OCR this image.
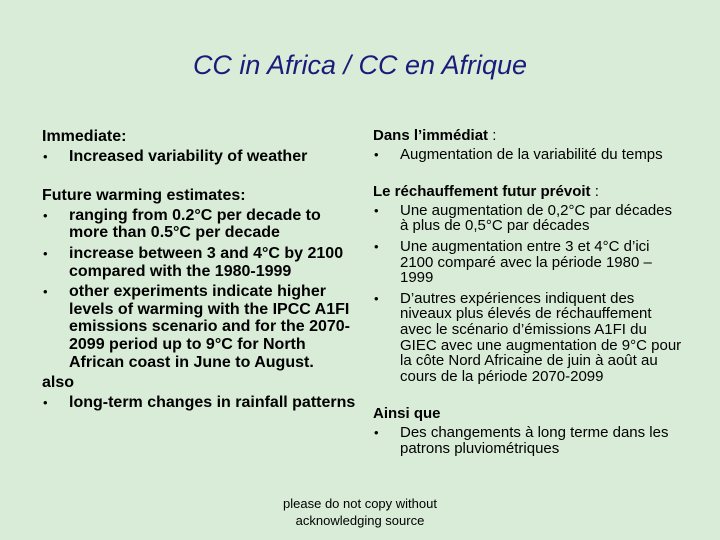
CC in Africa / CC en Afrique

Immediate:

• Increased variability of weather

Future warming estimates:

• ranging from 0.2°C per decade to more than 0.5°C per decade
• increase between 3 and 4°C by 2100 compared with the 1980-1999
• other experiments indicate higher levels of warming with the IPCC A1FI emissions scenario and for the 2070-2099 period up to 9°C for North African coast in June to August.

also

• long-term changes in rainfall patterns

Dans l’immédiat :

• Augmentation de la variabilité du temps

Le réchauffement futur prévoit :

• Une augmentation de 0,2°C par décades à plus de 0,5°C par décades
• Une augmentation entre 3 et 4°C d’ici 2100 comparé avec la période 1980 – 1999
• D’autres expériences indiquent des niveaux plus élevés de réchauffement avec le scénario d’émissions A1FI du GIEC avec une augmentation de 9°C pour la côte Nord Africaine de juin à août au cours de la période 2070-2099

Ainsi que

• Des changements à long terme dans les patrons pluviométriques
please do not copy without
acknowledging source
